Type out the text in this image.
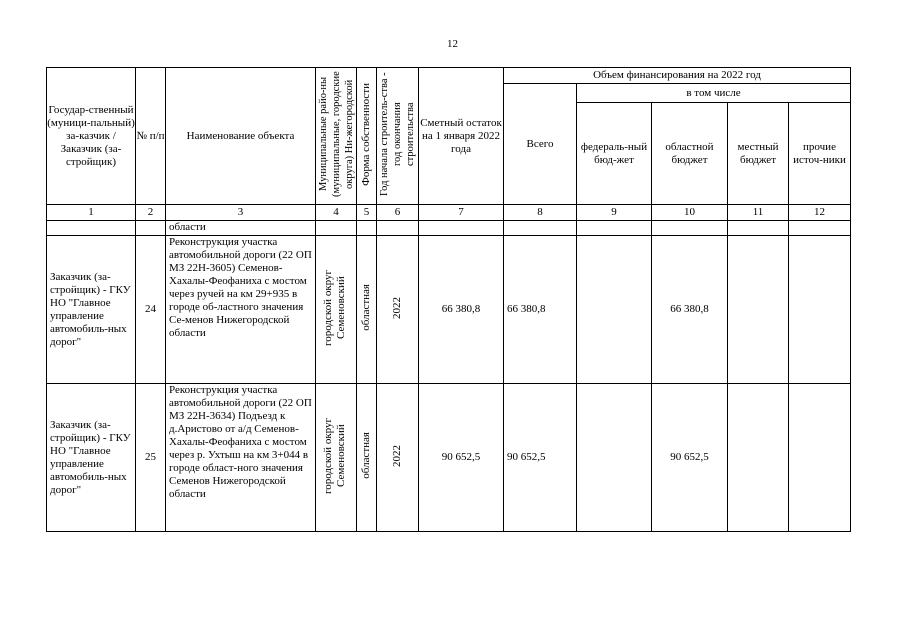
12
Государ-ственный (муници-пальный) за-казчик / Заказчик (за-стройщик)	№ п/п	Наименование объекта	Муниципальные райо-ны (муниципальные, городские округа) Ни-жегородской	Форма собственности	Год начала строитель-ства - год окончания строительства	Сметный остаток на 1 января 2022 года	Объем финансирования на 2022 год				
							Всего	в том числе			
								федераль-ный бюд-жет	областной бюджет	местный бюджет	прочие источ-ники
1	2	3	4	5	6	7	8	9	10	11	12
		области									
Заказчик (за-стройщик) - ГКУ НО "Главное управление автомобиль-ных дорог"	24	Реконструкция участка автомобильной дороги (22 ОП МЗ 22Н-3605) Семенов-Хахалы-Феофаниха с мостом через ручей на км 29+935 в городе об-ластного значения Се-менов Нижегородской области	городской округ Семеновский	областная	2022	66 380,8	66 380,8		66 380,8		
Заказчик (за-стройщик) - ГКУ НО "Главное управление автомобиль-ных дорог"	25	Реконструкция участка автомобильной дороги (22 ОП МЗ 22Н-3634) Подъезд к д.Аристово от а/д Семенов-Хахалы-Феофаниха с мостом через р. Ухтыш на км 3+044 в городе област-ного значения Семенов Нижегородской области	городской округ Семеновский	областная	2022	90 652,5	90 652,5		90 652,5		
